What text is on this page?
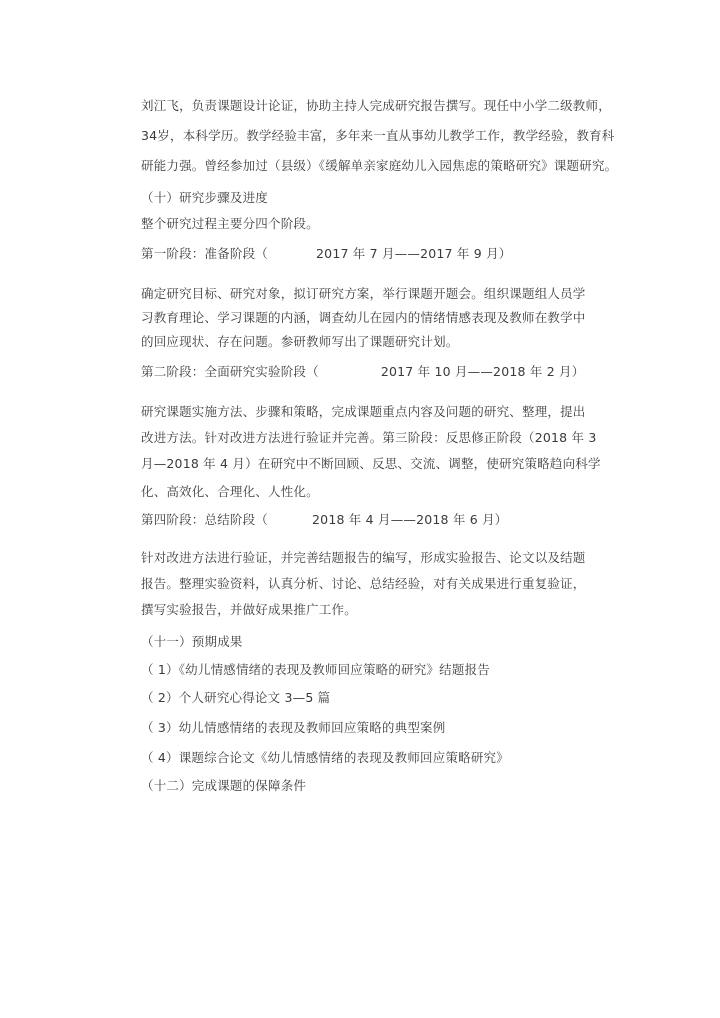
刘江飞，负责课题设计论证，协助主持人完成研究报告撰写。现任中小学二级教师，
34岁，本科学历。教学经验丰富，多年来一直从事幼儿教学工作，教学经验，教育科
研能力强。曾经参加过（县级）《缓解单亲家庭幼儿入园焦虑的策略研究》课题研究。
（十）研究步骤及进度
整个研究过程主要分四个阶段。
第一阶段：准备阶段（	2017 年 7 月——2017 年 9 月）
确定研究目标、研究对象，拟订研究方案，举行课题开题会。组织课题组人员学
习教育理论、学习课题的内涵，调查幼儿在园内的情绪情感表现及教师在教学中
的回应现状、存在问题。参研教师写出了课题研究计划。
第二阶段：全面研究实验阶段（	2017 年 10 月——2018 年 2 月）
研究课题实施方法、步骤和策略，完成课题重点内容及问题的研究、整理，提出
改进方法。针对改进方法进行验证并完善。第三阶段：反思修正阶段（2018 年 3
月—2018 年 4 月）在研究中不断回顾、反思、交流、调整，使研究策略趋向科学
化、高效化、合理化、人性化。
第四阶段：总结阶段（	2018 年 4 月——2018 年 6 月）
针对改进方法进行验证，并完善结题报告的编写，形成实验报告、论文以及结题
报告。整理实验资料，认真分析、讨论、总结经验，对有关成果进行重复验证，
撰写实验报告，并做好成果推广工作。
（十一）预期成果
（ 1）《幼儿情感情绪的表现及教师回应策略的研究》结题报告
（ 2）个人研究心得论文 3—5 篇
（ 3）幼儿情感情绪的表现及教师回应策略的典型案例
（ 4）课题综合论文《幼儿情感情绪的表现及教师回应策略研究》
（十二）完成课题的保障条件
